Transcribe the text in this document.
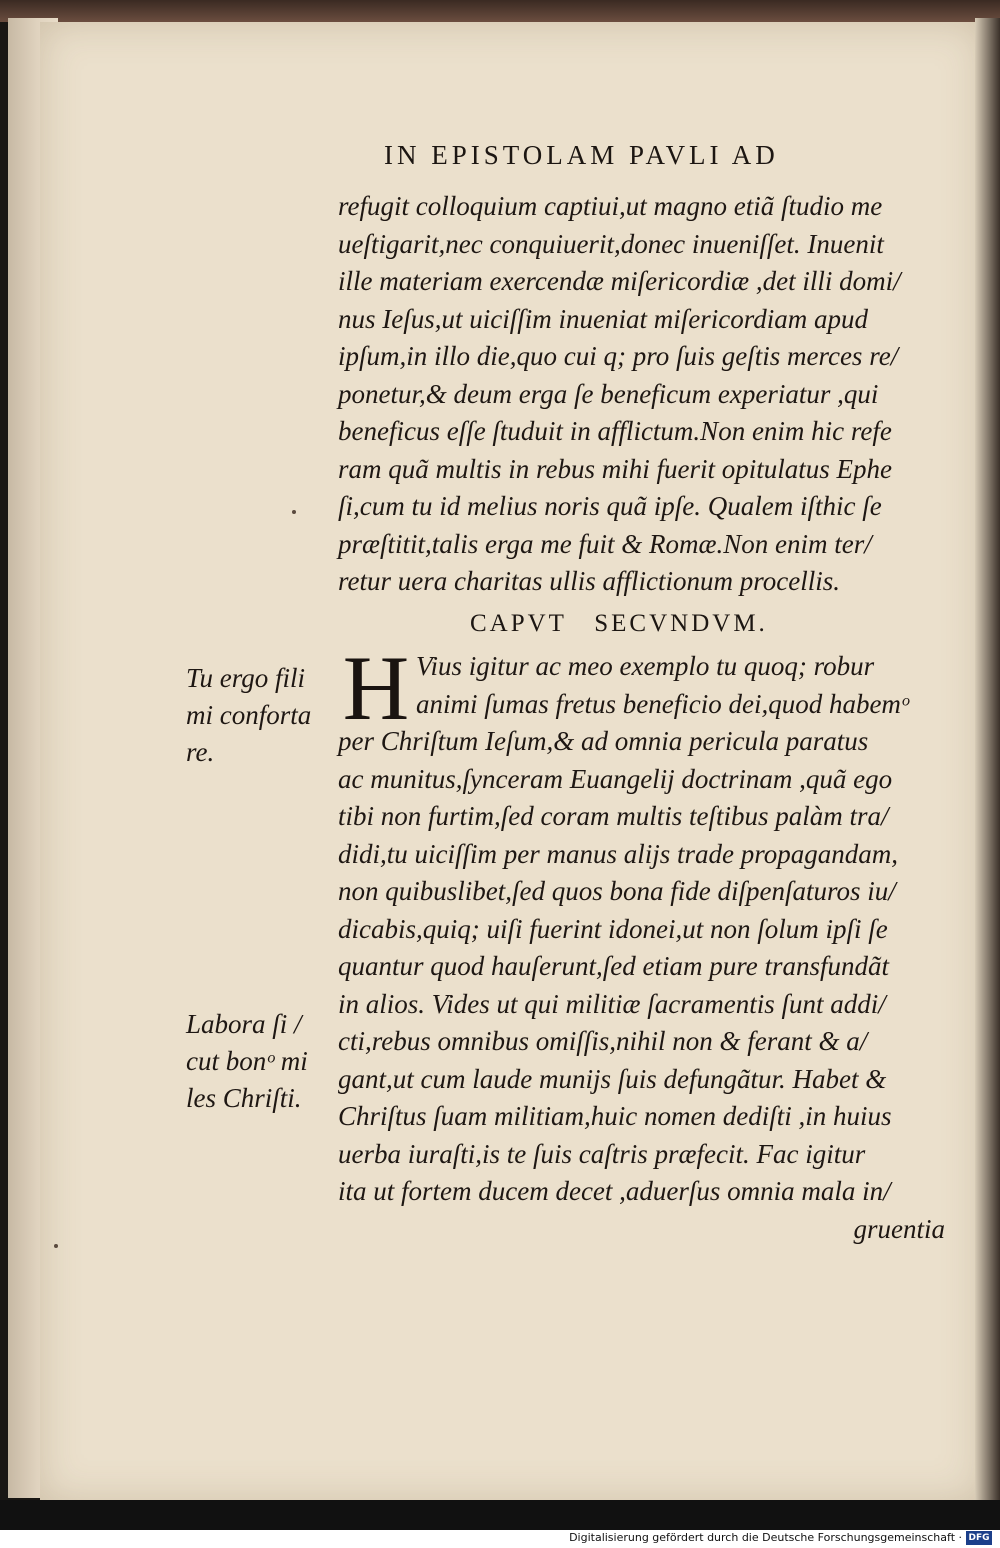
IN EPISTOLAM PAVLI AD
refugit colloquium captiui,ut magno etiã ſtudio me
ueſtigarit,nec conquiuerit,donec inueniſſet. Inuenit
ille materiam exercendæ miſericordiæ ,det illi domi/
nus Ieſus,ut uiciſſim inueniat miſericordiam apud
ipſum,in illo die,quo cui q; pro ſuis geſtis merces re/
ponetur,& deum erga ſe beneficum experiatur ,qui
beneficus eſſe ſtuduit in afflictum.Non enim hic refe
ram quã multis in rebus mihi fuerit opitulatus Ephe
ſi,cum tu id melius noris quã ipſe. Qualem iſthic ſe
præſtitit,talis erga me fuit & Romæ.Non enim ter/
retur uera charitas ullis afflictionum procellis.
CAPVT   SECVNDVM.
H Vius igitur ac meo exemplo tu quoq; robur
animi ſumas fretus beneficio dei,quod habemᵒ
per Chriſtum Ieſum,& ad omnia pericula paratus
ac munitus,ſynceram Euangelij doctrinam ,quã ego
tibi non furtim,ſed coram multis teſtibus palàm tra/
didi,tu uiciſſim per manus alijs trade propagandam,
non quibuslibet,ſed quos bona fide diſpenſaturos iu/
dicabis,quiq; uiſi fuerint idonei,ut non ſolum ipſi ſe
quantur quod hauſerunt,ſed etiam pure transfundãt
in alios. Vides ut qui militiæ ſacramentis ſunt addi/
cti,rebus omnibus omiſſis,nihil non & ferant & a/
gant,ut cum laude munijs ſuis defungãtur. Habet &
Chriſtus ſuam militiam,huic nomen dediſti ,in huius
uerba iuraſti,is te ſuis caſtris præfecit. Fac igitur
ita ut fortem ducem decet ,aduerſus omnia mala in/
gruentia
Tu ergo fili
mi conforta
re.
Labora ſi /
cut bonᵒ mi
les Chriſti.
Digitalisierung gefördert durch die Deutsche Forschungsgemeinschaft · DFG
